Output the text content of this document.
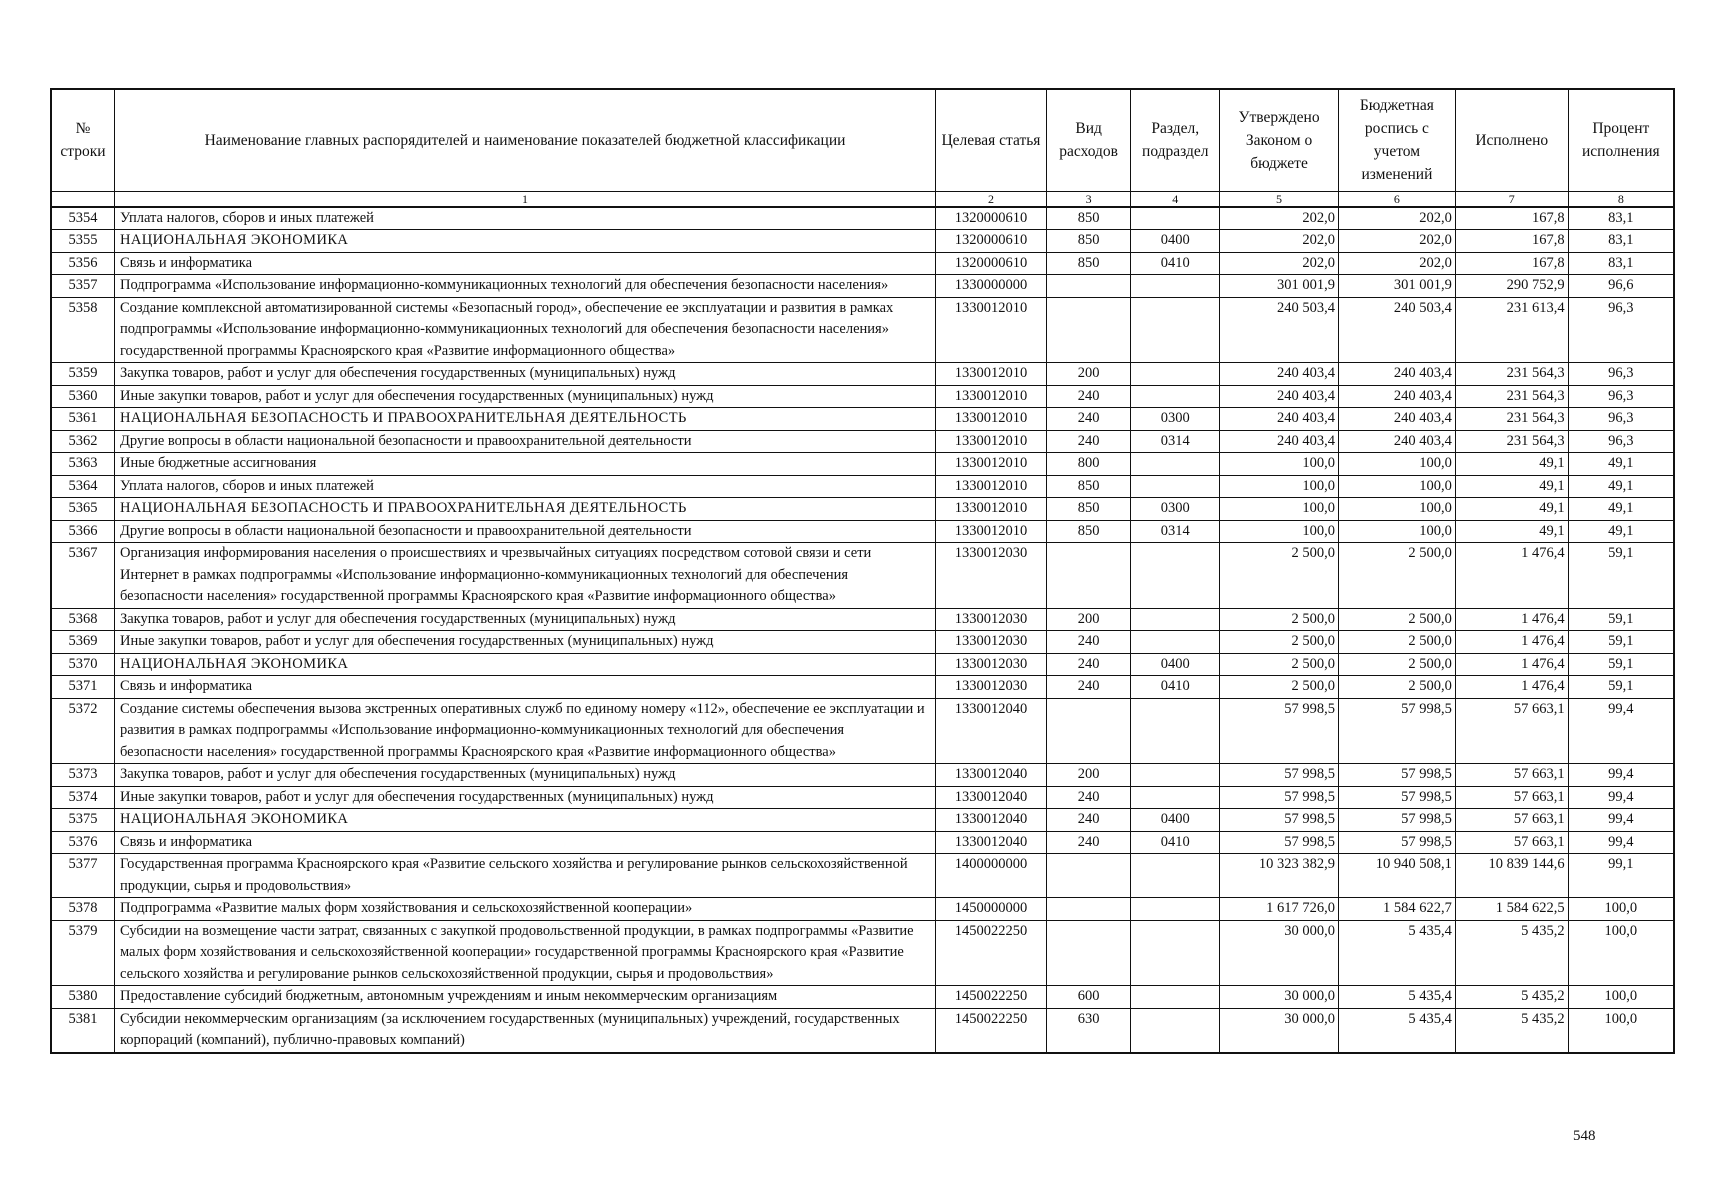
№ строки	Наименование главных распорядителей и наименование показателей бюджетной классификации	Целевая статья	Вид расходов	Раздел, подраздел	Утверждено Законом о бюджете	Бюджетная роспись с учетом изменений	Исполнено	Процент исполнения
	1	2	3	4	5	6	7	8
5354	Уплата налогов, сборов и иных платежей	1320000610	850		202,0	202,0	167,8	83,1
5355	НАЦИОНАЛЬНАЯ ЭКОНОМИКА	1320000610	850	0400	202,0	202,0	167,8	83,1
5356	Связь и информатика	1320000610	850	0410	202,0	202,0	167,8	83,1
5357	Подпрограмма «Использование информационно-коммуникационных технологий для обеспечения безопасности населения»	1330000000			301 001,9	301 001,9	290 752,9	96,6
5358	Создание комплексной автоматизированной системы «Безопасный город», обеспечение ее эксплуатации и развития в рамках подпрограммы «Использование информационно-коммуникационных технологий для обеспечения безопасности населения» государственной программы Красноярского края «Развитие информационного общества»	1330012010			240 503,4	240 503,4	231 613,4	96,3
5359	Закупка товаров, работ и услуг для обеспечения государственных (муниципальных) нужд	1330012010	200		240 403,4	240 403,4	231 564,3	96,3
5360	Иные закупки товаров, работ и услуг для обеспечения государственных (муниципальных) нужд	1330012010	240		240 403,4	240 403,4	231 564,3	96,3
5361	НАЦИОНАЛЬНАЯ БЕЗОПАСНОСТЬ И ПРАВООХРАНИТЕЛЬНАЯ ДЕЯТЕЛЬНОСТЬ	1330012010	240	0300	240 403,4	240 403,4	231 564,3	96,3
5362	Другие вопросы в области национальной безопасности и правоохранительной деятельности	1330012010	240	0314	240 403,4	240 403,4	231 564,3	96,3
5363	Иные бюджетные ассигнования	1330012010	800		100,0	100,0	49,1	49,1
5364	Уплата налогов, сборов и иных платежей	1330012010	850		100,0	100,0	49,1	49,1
5365	НАЦИОНАЛЬНАЯ БЕЗОПАСНОСТЬ И ПРАВООХРАНИТЕЛЬНАЯ ДЕЯТЕЛЬНОСТЬ	1330012010	850	0300	100,0	100,0	49,1	49,1
5366	Другие вопросы в области национальной безопасности и правоохранительной деятельности	1330012010	850	0314	100,0	100,0	49,1	49,1
5367	Организация информирования населения о происшествиях и чрезвычайных ситуациях посредством сотовой связи и сети Интернет в рамках подпрограммы «Использование информационно-коммуникационных технологий для обеспечения безопасности населения» государственной программы Красноярского края «Развитие информационного общества»	1330012030			2 500,0	2 500,0	1 476,4	59,1
5368	Закупка товаров, работ и услуг для обеспечения государственных (муниципальных) нужд	1330012030	200		2 500,0	2 500,0	1 476,4	59,1
5369	Иные закупки товаров, работ и услуг для обеспечения государственных (муниципальных) нужд	1330012030	240		2 500,0	2 500,0	1 476,4	59,1
5370	НАЦИОНАЛЬНАЯ ЭКОНОМИКА	1330012030	240	0400	2 500,0	2 500,0	1 476,4	59,1
5371	Связь и информатика	1330012030	240	0410	2 500,0	2 500,0	1 476,4	59,1
5372	Создание системы обеспечения вызова экстренных оперативных служб по единому номеру «112», обеспечение ее эксплуатации и развития в рамках подпрограммы «Использование информационно-коммуникационных технологий для обеспечения безопасности населения» государственной программы Красноярского края «Развитие информационного общества»	1330012040			57 998,5	57 998,5	57 663,1	99,4
5373	Закупка товаров, работ и услуг для обеспечения государственных (муниципальных) нужд	1330012040	200		57 998,5	57 998,5	57 663,1	99,4
5374	Иные закупки товаров, работ и услуг для обеспечения государственных (муниципальных) нужд	1330012040	240		57 998,5	57 998,5	57 663,1	99,4
5375	НАЦИОНАЛЬНАЯ ЭКОНОМИКА	1330012040	240	0400	57 998,5	57 998,5	57 663,1	99,4
5376	Связь и информатика	1330012040	240	0410	57 998,5	57 998,5	57 663,1	99,4
5377	Государственная программа Красноярского края «Развитие сельского хозяйства и регулирование рынков сельскохозяйственной продукции, сырья и продовольствия»	1400000000			10 323 382,9	10 940 508,1	10 839 144,6	99,1
5378	Подпрограмма «Развитие малых форм хозяйствования и сельскохозяйственной кооперации»	1450000000			1 617 726,0	1 584 622,7	1 584 622,5	100,0
5379	Субсидии на возмещение части затрат, связанных с закупкой продовольственной продукции, в рамках подпрограммы «Развитие малых форм хозяйствования и сельскохозяйственной кооперации» государственной программы Красноярского края «Развитие сельского хозяйства и регулирование рынков сельскохозяйственной продукции, сырья и продовольствия»	1450022250			30 000,0	5 435,4	5 435,2	100,0
5380	Предоставление субсидий бюджетным, автономным учреждениям и иным некоммерческим организациям	1450022250	600		30 000,0	5 435,4	5 435,2	100,0
5381	Субсидии некоммерческим организациям (за исключением государственных (муниципальных) учреждений, государственных корпораций (компаний), публично-правовых компаний)	1450022250	630		30 000,0	5 435,4	5 435,2	100,0
548
